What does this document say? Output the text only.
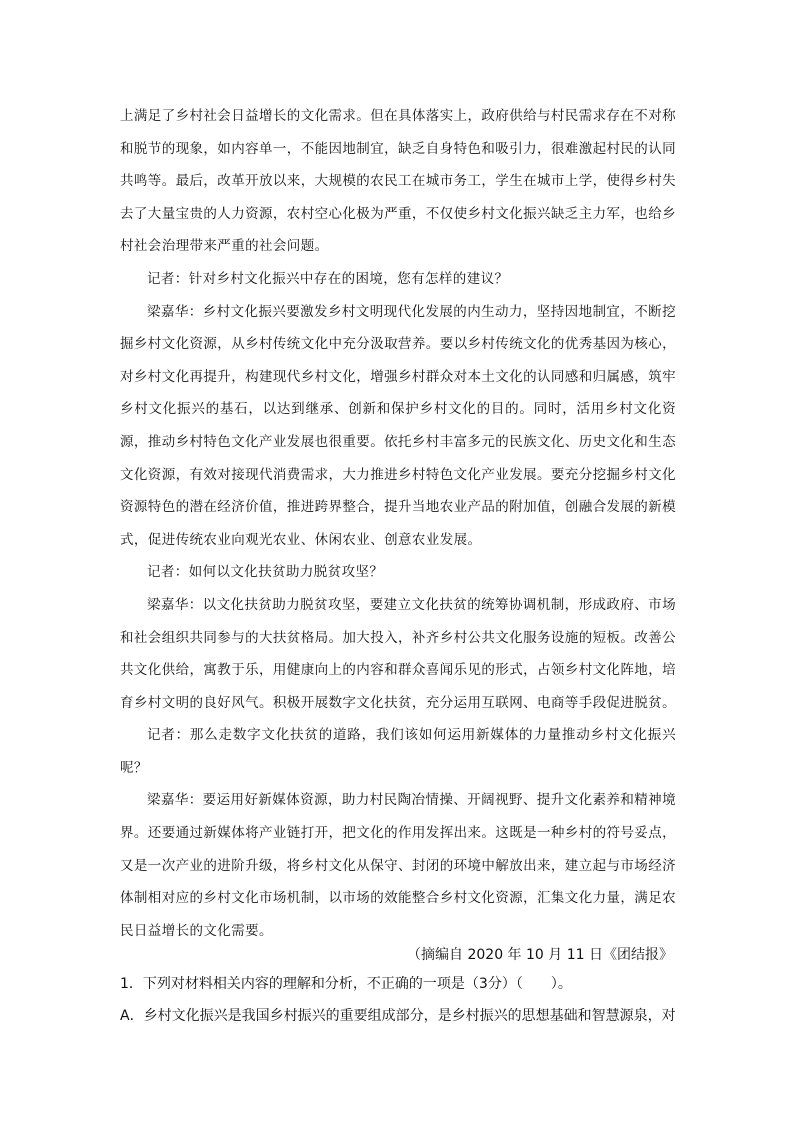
上满足了乡村社会日益增长的文化需求。但在具体落实上，政府供给与村民需求存在不对称和脱节的现象，如内容单一，不能因地制宜，缺乏自身特色和吸引力，很难激起村民的认同共鸣等。最后，改革开放以来，大规模的农民工在城市务工，学生在城市上学，使得乡村失去了大量宝贵的人力资源，农村空心化极为严重，不仅使乡村文化振兴缺乏主力军，也给乡村社会治理带来严重的社会问题。

记者：针对乡村文化振兴中存在的困境，您有怎样的建议？

梁嘉华：乡村文化振兴要激发乡村文明现代化发展的内生动力，坚持因地制宜，不断挖掘乡村文化资源，从乡村传统文化中充分汲取营养。要以乡村传统文化的优秀基因为核心，对乡村文化再提升，构建现代乡村文化，增强乡村群众对本土文化的认同感和归属感，筑牢乡村文化振兴的基石，以达到继承、创新和保护乡村文化的目的。同时，活用乡村文化资源，推动乡村特色文化产业发展也很重要。依托乡村丰富多元的民族文化、历史文化和生态文化资源，有效对接现代消费需求，大力推进乡村特色文化产业发展。要充分挖掘乡村文化资源特色的潜在经济价值，推进跨界整合，提升当地农业产品的附加值，创融合发展的新模式，促进传统农业向观光农业、休闲农业、创意农业发展。

记者：如何以文化扶贫助力脱贫攻坚？

梁嘉华：以文化扶贫助力脱贫攻坚，要建立文化扶贫的统筹协调机制，形成政府、市场和社会组织共同参与的大扶贫格局。加大投入，补齐乡村公共文化服务设施的短板。改善公共文化供给，寓教于乐，用健康向上的内容和群众喜闻乐见的形式，占领乡村文化阵地，培育乡村文明的良好风气。积极开展数字文化扶贫，充分运用互联网、电商等手段促进脱贫。

记者：那么走数字文化扶贫的道路，我们该如何运用新媒体的力量推动乡村文化振兴呢？

梁嘉华：要运用好新媒体资源，助力村民陶冶情操、开阔视野、提升文化素养和精神境界。还要通过新媒体将产业链打开，把文化的作用发挥出来。这既是一种乡村的符号妥点，又是一次产业的进阶升级，将乡村文化从保守、封闭的环境中解放出来，建立起与市场经济体制相对应的乡村文化市场机制，以市场的效能整合乡村文化资源，汇集文化力量，满足农民日益增长的文化需要。

（摘编自 2020 年 10 月 11 日《团结报》

1．下列对材料相关内容的理解和分析，不正确的一项是（3分）（　　）。

A．乡村文化振兴是我国乡村振兴的重要组成部分，是乡村振兴的思想基础和智慧源泉，对
